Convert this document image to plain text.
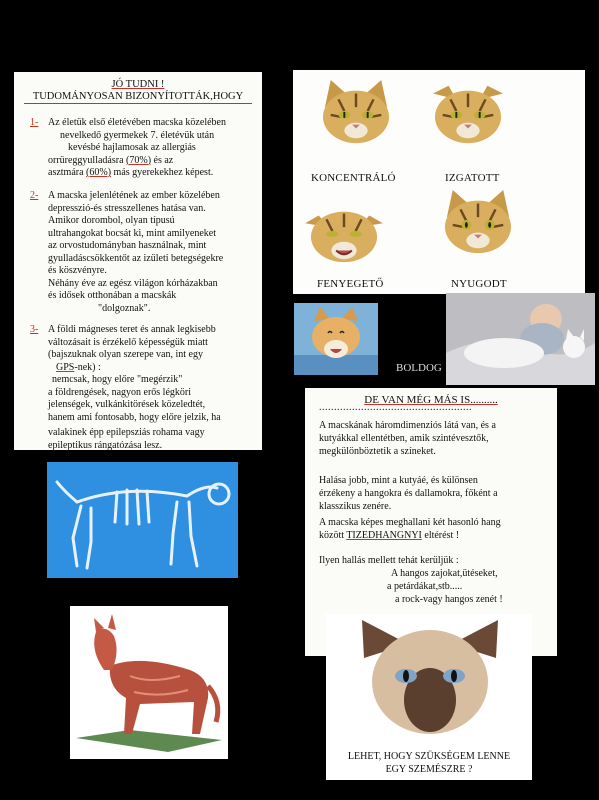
JÓ TUDNI !
TUDOMÁNYOSAN BIZONYÍTOTTÁK,HOGY
1- Az életük első életévében macska közelében
nevelkedő gyermekek 7. életévük után
kevésbé hajlamosak az allergiás
orrüreggyulladásra (70%) és az
asztmára (60%) más gyerekekhez képest.
2- A macska jelenlétének az ember közelében
depresszió-és stresszellenes hatása van.
Amikor dorombol, olyan típusú
ultrahangokat bocsát ki, mint amilyeneket
az orvostudományban használnak, mint
gyulladáscsökkentőt az izületi betegségekre
és köszvényre.
Néhány éve az egész világon kórházakban
és idősek otthonában a macskák
"dolgoznak".
3- A földi mágneses teret és annak legkisebb
változásait is érzékelő képességük miatt
(bajszuknak olyan szerepe van, int egy
GPS-nek) :
nemcsak, hogy előre "megérzik"
a földrengések, nagyon erős légköri
jelenségek, vulkánkitörések közeledtét,
hanem ami fontosabb, hogy előre jelzik, ha
valakinek épp epilepsziás rohama vagy
epileptikus rángatózása lesz.
KONCENTRÁLÓ	IZGATOTT
FENYEGETŐ	NYUGODT
BOLDOG
DE VAN MÉG MÁS IS..........
...................................................
A macskának háromdimenziós látá van, és a
kutyákkal ellentétben, amik szintévesztők,
megkülönböztetik a színeket.
Halása jobb, mint a kutyáé, és különsen
érzékeny a hangokra és dallamokra, főként a
klasszikus zenére.
A macska képes meghallani két hasonló hang
között TIZEDHANGNYI eltérést !
Ilyen hallás mellett tehát kerüljük :
A hangos zajokat,ütéseket,
a petárdákat,stb.....
a rock-vagy hangos zenét !
LEHET, HOGY SZÜKSÉGEM LENNE
EGY SZEMÉSZRE ?
